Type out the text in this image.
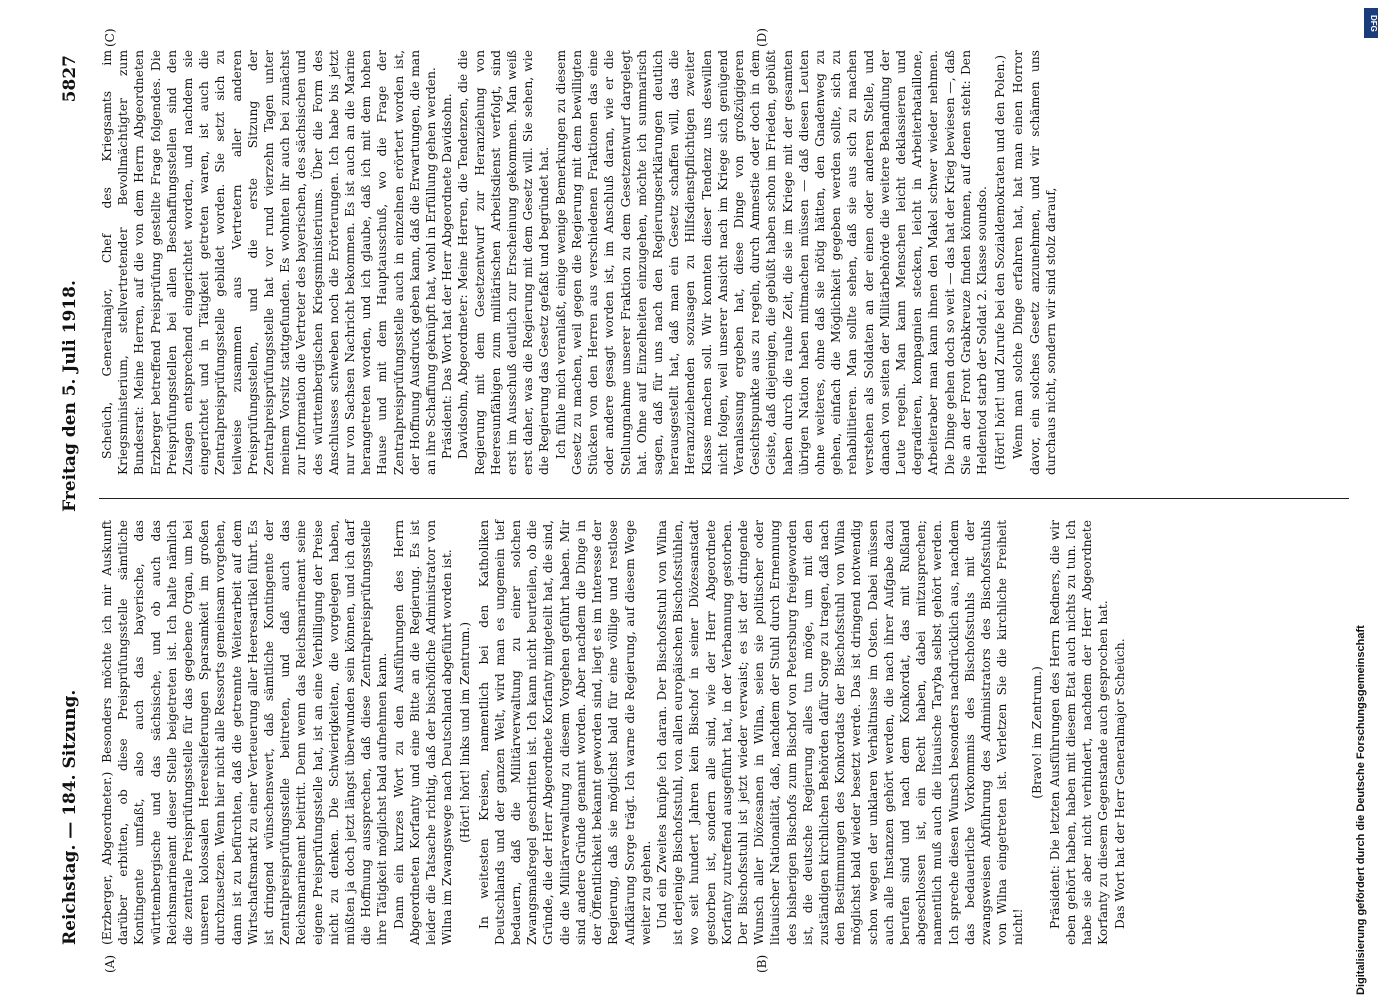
Reichstag. — 184. Sitzung.
Freitag den 5. Juli 1918.
5827
(A)	(B)
(C)	(D)

(Erzberger, Abgeordneter.) Besonders möchte ich mir Auskunft darüber erbitten, ob diese Preisprüfungsstelle sämtliche Kontingente umfaßt, also auch das bayerische, das württembergische und das sächsische, und ob auch das Reichsmarineamt dieser Stelle beigetreten ist. Ich halte nämlich die zentrale Preisprüfungsstelle für das gegebene Organ, um bei unseren kolossalen Heereslieferungen Sparsamkeit im großen durchzusetzen. Wenn hier nicht alle Ressorts gemeinsam vorgehen, dann ist zu befürchten, daß die getrennte Weiterarbeit auf dem Wirtschaftsmarkt zu einer Verteuerung aller Heeresartikel führt. Es ist dringend wünschenswert, daß sämtliche Kontingente der Zentralpreisprüfungsstelle beitreten, und daß auch das Reichsmarineamt beitritt. Denn wenn das Reichsmarineamt seine eigene Preisprüfungsstelle hat, ist an eine Verbilligung der Preise nicht zu denken. Die Schwierigkeiten, die vorgelegen haben, müßten ja doch jetzt längst überwunden sein können, und ich darf die Hoffnung aussprechen, daß diese Zentralpreisprüfungsstelle ihre Tätigkeit möglichst bald aufnehmen kann. Dann ein kurzes Wort zu den Ausführungen des Herrn Abgeordneten Korfanty und eine Bitte an die Regierung. Es ist leider die Tatsache richtig, daß der bischöfliche Administrator von Wilna im Zwangswege nach Deutschland abgeführt worden ist. (Hört! hört! links und im Zentrum.) In weitesten Kreisen, namentlich bei den Katholiken Deutschlands und der ganzen Welt, wird man es ungemein tief bedauern, daß die Militärverwaltung zu einer solchen Zwangsmaßregel geschritten ist. Ich kann nicht beurteilen, ob die Gründe, die der Herr Abgeordnete Korfanty mitgeteilt hat, die sind, die die Militärverwaltung zu diesem Vorgehen geführt haben. Mir sind andere Gründe genannt worden. Aber nachdem die Dinge in der Öffentlichkeit bekannt geworden sind, liegt es im Interesse der Regierung, daß sie möglichst bald für eine völlige und restlose Aufklärung Sorge trägt. Ich warne die Regierung, auf diesem Wege weiter zu gehen. Und ein Zweites knüpfe ich daran. Der Bischofsstuhl von Wilna ist derjenige Bischofsstuhl, von allen europäischen Bischofsstühlen, wo seit hundert Jahren kein Bischof in seiner Diözesanstadt gestorben ist, sondern alle sind, wie der Herr Abgeordnete Korfanty zutreffend ausgeführt hat, in der Verbannung gestorben. Der Bischofsstuhl ist jetzt wieder verwaist; es ist der dringende Wunsch aller Diözesanen in Wilna, seien sie politischer oder litauischer Nationalität, daß, nachdem der Stuhl durch Ernennung des bisherigen Bischofs zum Bischof von Petersburg freigeworden ist, die deutsche Regierung alles tun möge, um mit den zuständigen kirchlichen Behörden dafür Sorge zu tragen, daß nach den Bestimmungen des Konkordats der Bischofsstuhl von Wilna möglichst bald wieder besetzt werde. Das ist dringend notwendig schon wegen der unklaren Verhältnisse im Osten. Dabei müssen auch alle Instanzen gehört werden, die nach ihrer Aufgabe dazu berufen sind und nach dem Konkordat, das mit Rußland abgeschlossen ist, ein Recht haben, dabei mitzusprechen; namentlich muß auch die litauische Taryba selbst gehört werden. Ich spreche diesen Wunsch besonders nachdrücklich aus, nachdem das bedauerliche Vorkommnis des Bischofsstuhls mit der zwangsweisen Abführung des Administrators des Bischofsstuhls von Wilna eingetreten ist. Verletzen Sie die kirchliche Freiheit nicht!

(Bravo! im Zentrum.) Präsident: Die letzten Ausführungen des Herrn Redners, die wir eben gehört haben, haben mit diesem Etat auch nichts zu tun. Ich habe sie aber nicht verhindert, nachdem der Herr Abgeordnete Korfanty zu diesem Gegenstande auch gesprochen hat. Das Wort hat der Herr Generalmajor Scheüch.

Scheüch, Generalmajor, Chef des Kriegsamts im Kriegsministerium, stellvertretender Bevollmächtigter zum Bundesrat: Meine Herren, auf die von dem Herrn Abgeordneten Erzberger betreffend Preisprüfung gestellte Frage folgendes. Die Preisprüfungsstellen bei allen Beschaffungsstellen sind den Zusagen entsprechend eingerichtet worden, und nachdem sie eingerichtet und in Tätigkeit getreten waren, ist auch die Zentralpreisprüfungsstelle gebildet worden. Sie setzt sich zu teilweise zusammen aus Vertretern aller anderen Preisprüfungsstellen, und die erste Sitzung der Zentralpreisprüfungsstelle hat vor rund vierzehn Tagen unter meinem Vorsitz stattgefunden. Es wohnten ihr auch bei zunächst zur Information die Vertreter des bayerischen, des sächsischen und des württembergischen Kriegsministeriums. Über die Form des Anschlusses schweben noch die Erörterungen. Ich habe bis jetzt nur von Sachsen Nachricht bekommen. Es ist auch an die Marine herangetreten worden, und ich glaube, daß ich mit dem hohen Hause und mit dem Hauptausschuß, wo die Frage der Zentralpreisprüfungsstelle auch in einzelnen erörtert worden ist, der Hoffnung Ausdruck geben kann, daß die Erwartungen, die man an ihre Schaffung geknüpft hat, wohl in Erfüllung gehen werden. Präsident: Das Wort hat der Herr Abgeordnete Davidsohn. Davidsohn, Abgeordneter: Meine Herren, die Tendenzen, die die Regierung mit dem Gesetzentwurf zur Heranziehung von Heeresunfähigen zum militärischen Arbeitsdienst verfolgt, sind erst im Ausschuß deutlich zur Erscheinung gekommen. Man weiß erst daher, was die Regierung mit dem Gesetz will. Sie sehen, wie die Regierung das Gesetz gefaßt und begründet hat. Ich fühle mich veranlaßt, einige wenige Bemerkungen zu diesem Gesetz zu machen, weil gegen die Regierung mit dem bewilligten Stücken von den Herren aus verschiedenen Fraktionen das eine oder andere gesagt worden ist, im Anschluß daran, wie er die Stellungnahme unserer Fraktion zu dem Gesetzentwurf dargelegt hat. Ohne auf Einzelheiten einzugehen, möchte ich summarisch sagen, daß für uns nach den Regierungserklärungen deutlich herausgestellt hat, daß man ein Gesetz schaffen will, das die Heranzuziehenden sozusagen zu Hilfsdienstpflichtigen zweiter Klasse machen soll. Wir konnten dieser Tendenz uns deswillen nicht folgen, weil unserer Ansicht nach im Kriege sich genügend Veranlassung ergeben hat, diese Dinge von großzügigeren Gesichtspunkte aus zu regeln, durch Amnestie oder doch in dem Geiste, daß diejenigen, die gebüßt haben schon im Frieden, gebüßt haben durch die rauhe Zeit, die sie im Kriege mit der gesamten übrigen Nation haben mitmachen müssen — daß diesen Leuten ohne weiteres, ohne daß sie nötig hätten, den Gnadenweg zu gehen, einfach die Möglichkeit gegeben werden sollte, sich zu rehabilitieren. Man sollte sehen, daß sie aus sich zu machen verstehen als Soldaten an der einen oder anderen Stelle, und danach von seiten der Militärbehörde die weitere Behandlung der Leute regeln. Man kann Menschen leicht deklassieren und degradieren, kompagnien stecken, leicht in Arbeiterbataillone, Arbeiteraber man kann ihnen den Makel schwer wieder nehmen. Die Dinge gehen doch so weit — das hat der Krieg bewiesen —, daß Sie an der Front Grabkreuze finden können, auf denen steht: Den Heldentod starb der Soldat 2. Klasse soundso. (Hört! hört! und Zurufe bei den Sozialdemokraten und den Polen.) Wenn man solche Dinge erfahren hat, hat man einen Horror davor, ein solches Gesetz anzunehmen, und wir schämen uns durchaus nicht, sondern wir sind stolz darauf,

Digitalisierung gefördert durch die Deutsche Forschungsgemeinschaft
DFG
